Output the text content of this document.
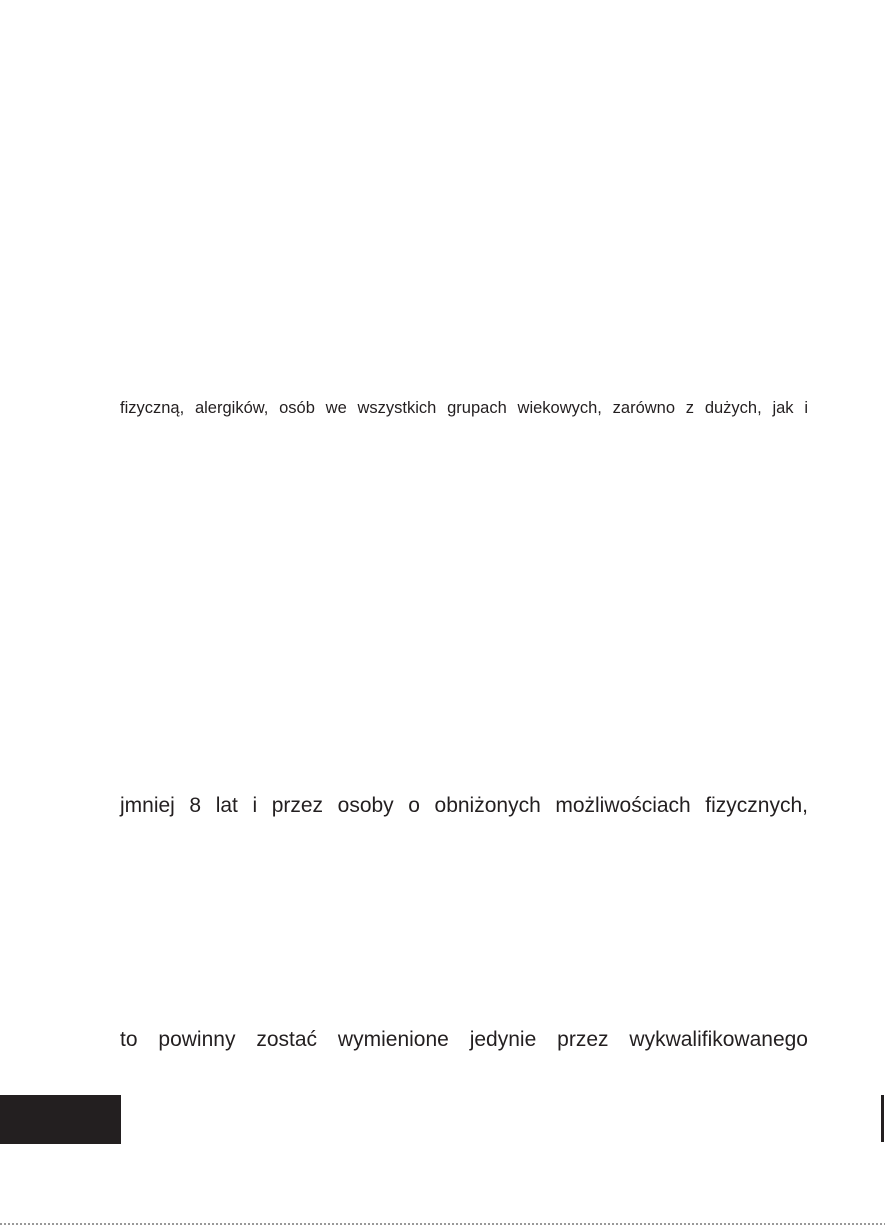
fizyczną, alergików, osób we wszystkich grupach wiekowych, zarówno z dużych, jak i
jmniej 8 lat i przez osoby o obniżonych możliwościach fizycznych,
to powinny zostać wymienione jedynie przez wykwalifikowanego
